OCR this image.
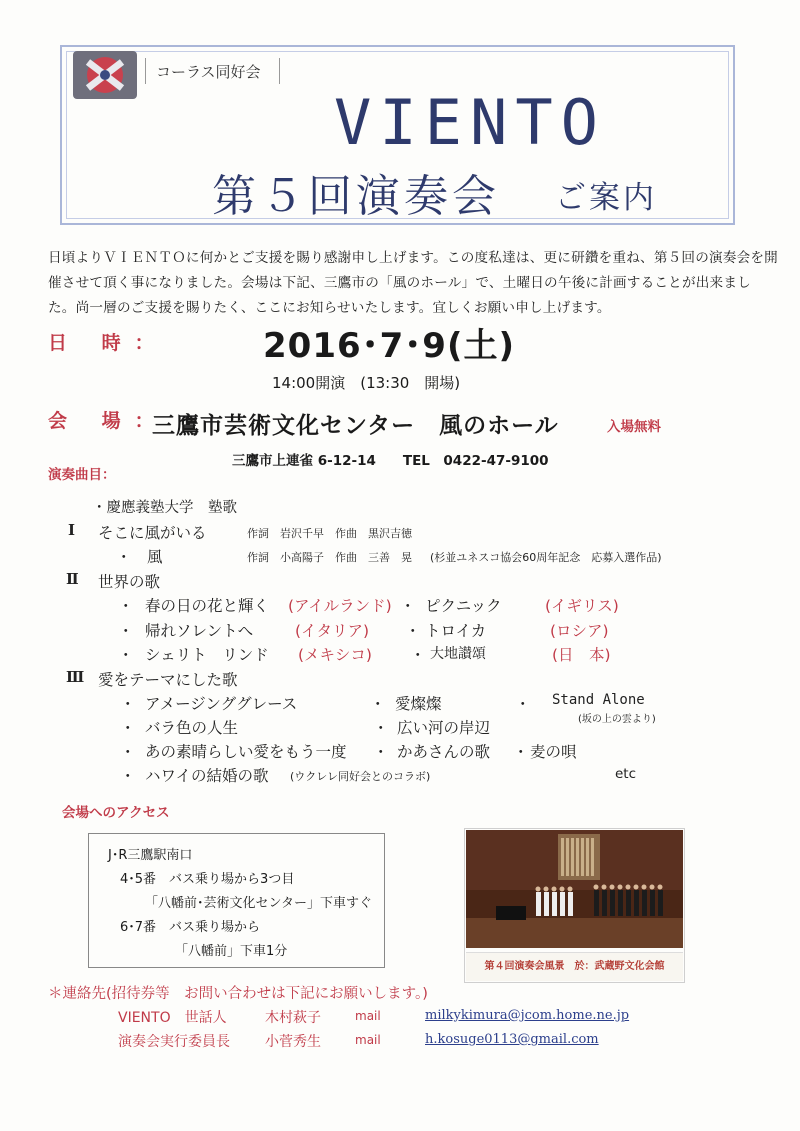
コーラス同好会
VIENTO
第５回演奏会 ご案内
日頃よりＶＩＥＮＴＯに何かとご支援を賜り感謝申し上げます。この度私達は、更に研鑽を重ね、第５回の演奏会を開催させて頂く事になりました。会場は下記、三鷹市の「風のホール」で、土曜日の午後に計画することが出来ました。尚一層のご支援を賜りたく、ここにお知らせいたします。宜しくお願い申し上げます。
日 時：	2016･7･9(土)
14:00開演　(13:30　開場)
会 場：
三鷹市芸術文化センター　風のホール	入場無料
三鷹市上連雀 6-12-14　　TEL　0422-47-9100
演奏曲目：
・慶應義塾大学　塾歌
Ⅰ そこに風がいる	作詞　岩沢千早　作曲　黒沢吉徳
・　風	作詞　小高陽子　作曲　三善　晃 (杉並ユネスコ協会60周年記念　応募入選作品)
Ⅱ 世界の歌
・ 春の日の花と輝く (アイルランド) ・ ピクニック	(イギリス)
・ 帰れソレントへ	(イタリア) ・ トロイカ	(ロシア)
・ シェリト　リンド (メキシコ) ・ 大地讃頌	(日　本)
Ⅲ 愛をテーマにした歌
・ アメージンググレース	・ 愛燦燦	・ Stand Alone
(坂の上の雲より)
・ バラ色の人生	・ 広い河の岸辺
・ あの素晴らしい愛をもう一度 ・ かあさんの歌 ・ 麦の唄
・ ハワイの結婚の歌 (ウクレレ同好会とのコラボ)	etc
会場へのアクセス
J･R三鷹駅南口
4･5番　バス乗り場から3つ目
「八幡前･芸術文化センター」下車すぐ
6･7番　バス乗り場から
「八幡前」下車1分
第４回演奏会風景　於：武蔵野文化会館
＊連絡先(招待券等　お問い合わせは下記にお願いします。)
VIENTO　世話人	木村萩子	mail	milkykimura@jcom.home.ne.jp
演奏会実行委員長	小菅秀生	mail	h.kosuge0113@gmail.com
